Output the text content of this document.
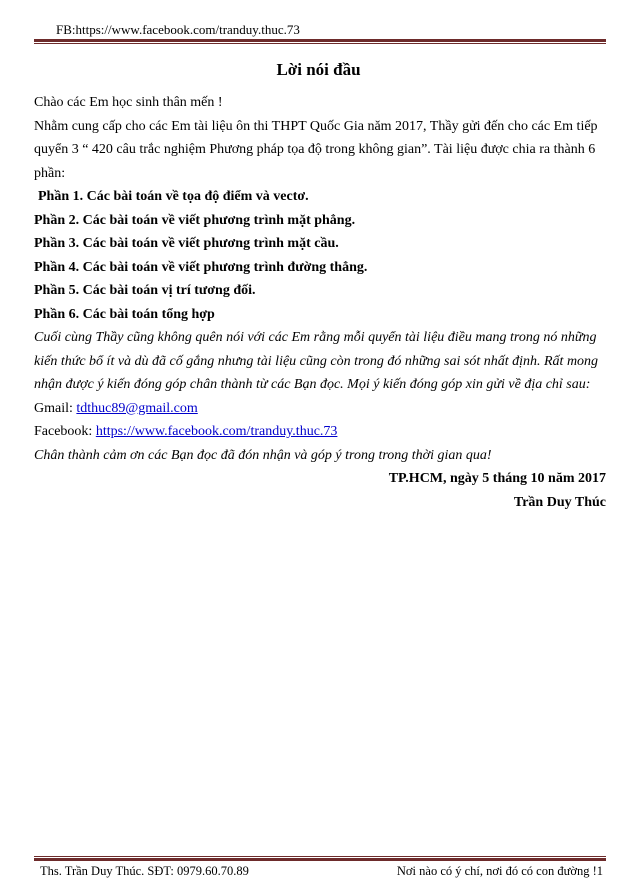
FB:https://www.facebook.com/tranduy.thuc.73
Lời nói đầu
Chào các Em học sinh thân mến !
Nhằm cung cấp cho các Em tài liệu ôn thi THPT Quốc Gia năm 2017, Thầy gửi đến cho các Em tiếp quyển 3 “ 420 câu trắc nghiệm Phương pháp tọa độ trong không gian”. Tài liệu được chia ra thành 6 phần:
Phần 1. Các bài toán về tọa độ điểm và vectơ.
Phần 2. Các bài toán về viết phương trình mặt phẳng.
Phần 3. Các bài toán về viết phương trình mặt cầu.
Phần 4. Các bài toán về viết phương trình đường thẳng.
Phần 5. Các bài toán vị trí tương đối.
Phần 6. Các bài toán tổng hợp
Cuối cùng Thầy cũng không quên nói với các Em rằng mỗi quyển tài liệu điều mang trong nó những kiến thức bổ ít và dù đã cố gắng nhưng tài liệu cũng còn trong đó những sai sót nhất định. Rất mong nhận được ý kiến đóng góp chân thành từ các Bạn đọc. Mọi ý kiến đóng góp xin gửi về địa chỉ sau:
Gmail: tdthuc89@gmail.com
Facebook: https://www.facebook.com/tranduy.thuc.73
Chân thành cảm ơn các Bạn đọc đã đón nhận và góp ý trong trong thời gian qua!
TP.HCM, ngày 5 tháng 10 năm 2017
Trần Duy Thúc
Ths. Trần Duy Thúc. SĐT: 0979.60.70.89	Nơi nào có ý chí, nơi đó có con đường !1
